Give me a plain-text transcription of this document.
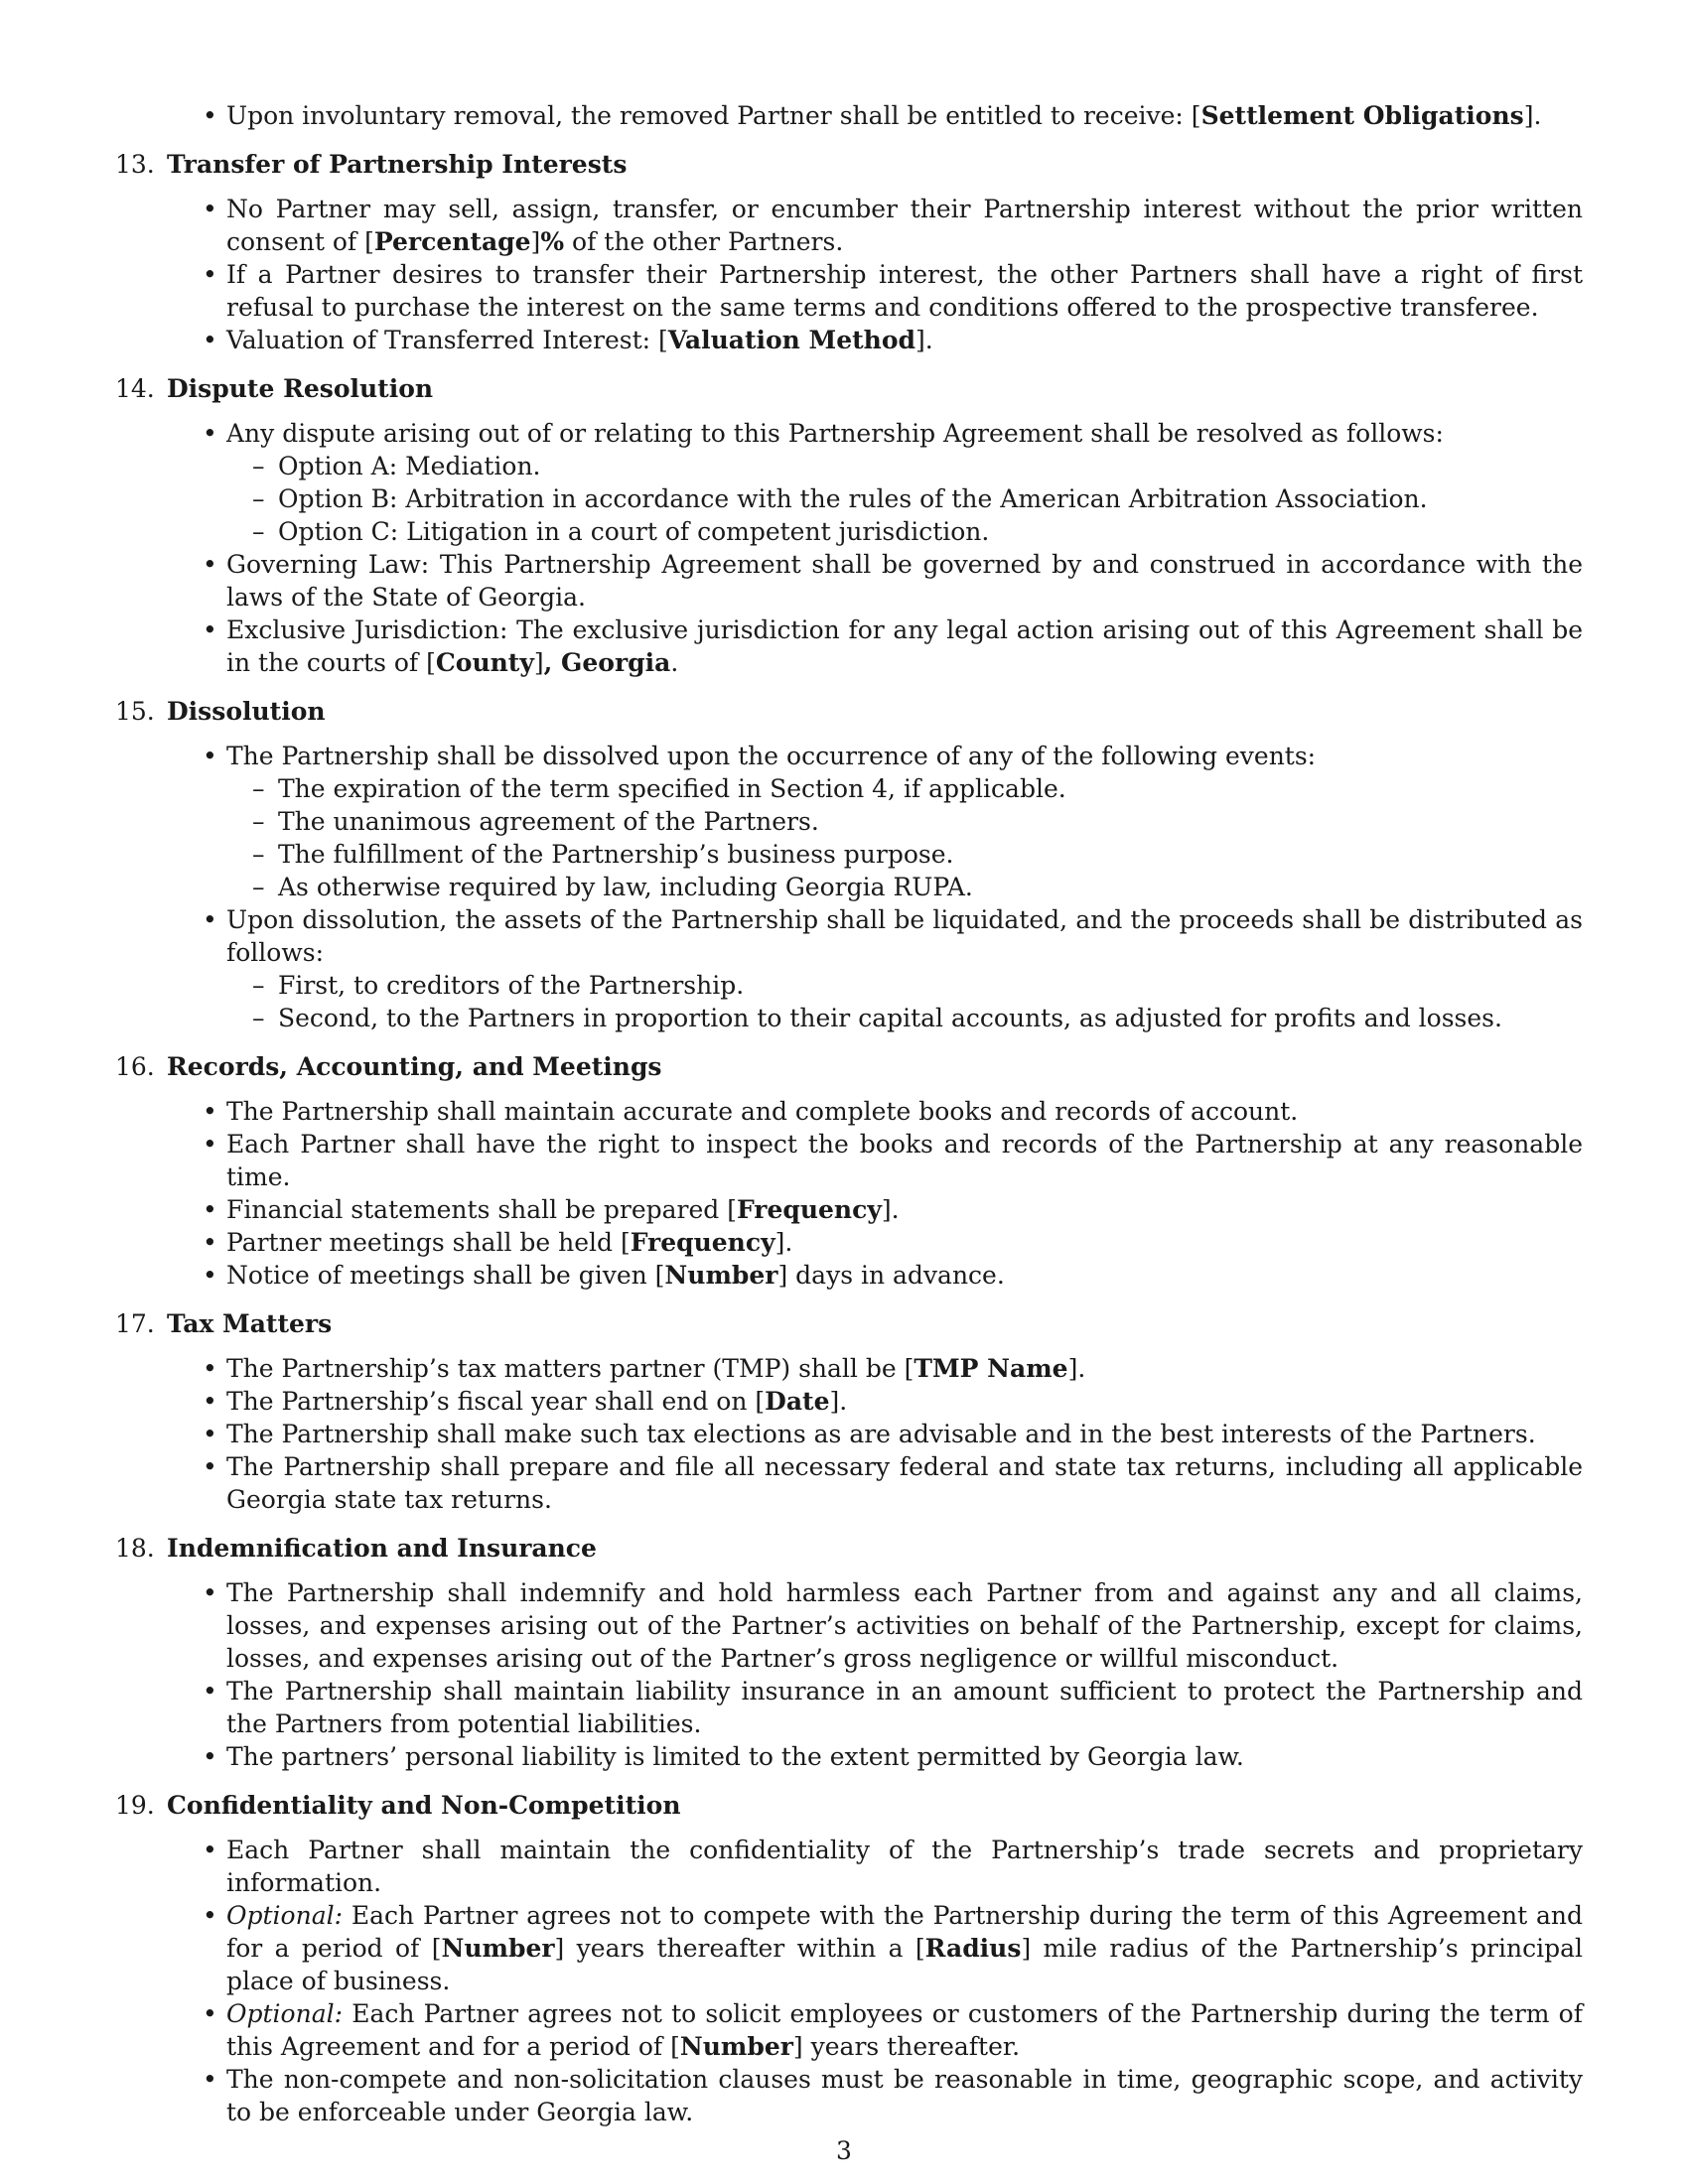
• Upon involuntary removal, the removed Partner shall be entitled to receive: [Settlement Obligations].
13. Transfer of Partnership Interests
• No Partner may sell, assign, transfer, or encumber their Partnership interest without the prior written consent of [Percentage]% of the other Partners.
• If a Partner desires to transfer their Partnership interest, the other Partners shall have a right of first refusal to purchase the interest on the same terms and conditions offered to the prospective transferee.
• Valuation of Transferred Interest: [Valuation Method].
14. Dispute Resolution
• Any dispute arising out of or relating to this Partnership Agreement shall be resolved as follows:
– Option A: Mediation.
– Option B: Arbitration in accordance with the rules of the American Arbitration Association.
– Option C: Litigation in a court of competent jurisdiction.
• Governing Law: This Partnership Agreement shall be governed by and construed in accordance with the laws of the State of Georgia.
• Exclusive Jurisdiction: The exclusive jurisdiction for any legal action arising out of this Agreement shall be in the courts of [County], Georgia.
15. Dissolution
• The Partnership shall be dissolved upon the occurrence of any of the following events:
– The expiration of the term specified in Section 4, if applicable.
– The unanimous agreement of the Partners.
– The fulfillment of the Partnership’s business purpose.
– As otherwise required by law, including Georgia RUPA.
• Upon dissolution, the assets of the Partnership shall be liquidated, and the proceeds shall be distributed as follows:
– First, to creditors of the Partnership.
– Second, to the Partners in proportion to their capital accounts, as adjusted for profits and losses.
16. Records, Accounting, and Meetings
• The Partnership shall maintain accurate and complete books and records of account.
• Each Partner shall have the right to inspect the books and records of the Partnership at any reasonable time.
• Financial statements shall be prepared [Frequency].
• Partner meetings shall be held [Frequency].
• Notice of meetings shall be given [Number] days in advance.
17. Tax Matters
• The Partnership’s tax matters partner (TMP) shall be [TMP Name].
• The Partnership’s fiscal year shall end on [Date].
• The Partnership shall make such tax elections as are advisable and in the best interests of the Partners.
• The Partnership shall prepare and file all necessary federal and state tax returns, including all applicable Georgia state tax returns.
18. Indemnification and Insurance
• The Partnership shall indemnify and hold harmless each Partner from and against any and all claims, losses, and expenses arising out of the Partner’s activities on behalf of the Partnership, except for claims, losses, and expenses arising out of the Partner’s gross negligence or willful misconduct.
• The Partnership shall maintain liability insurance in an amount sufficient to protect the Partnership and the Partners from potential liabilities.
• The partners’ personal liability is limited to the extent permitted by Georgia law.
19. Confidentiality and Non-Competition
• Each Partner shall maintain the confidentiality of the Partnership’s trade secrets and proprietary information.
• Optional: Each Partner agrees not to compete with the Partnership during the term of this Agreement and for a period of [Number] years thereafter within a [Radius] mile radius of the Partnership’s principal place of business.
• Optional: Each Partner agrees not to solicit employees or customers of the Partnership during the term of this Agreement and for a period of [Number] years thereafter.
• The non-compete and non-solicitation clauses must be reasonable in time, geographic scope, and activity to be enforceable under Georgia law.
3
